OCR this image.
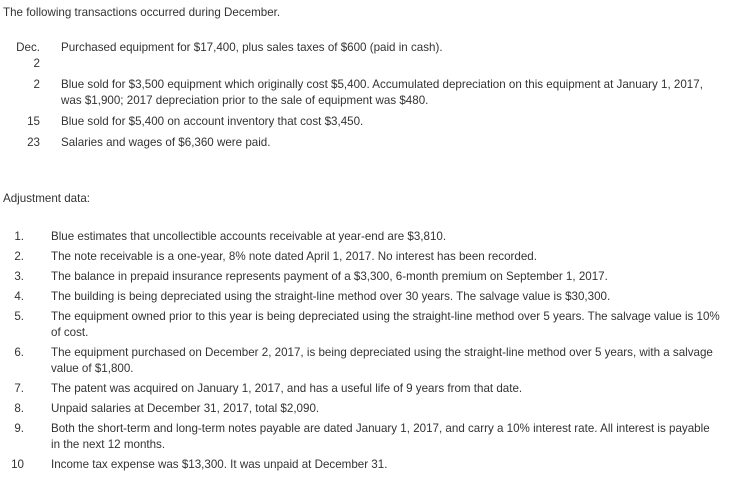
The following transactions occurred during December.
Dec.
2
Purchased equipment for $17,400, plus sales taxes of $600 (paid in cash).
2 Blue sold for $3,500 equipment which originally cost $5,400. Accumulated depreciation on this equipment at January 1, 2017, was $1,900; 2017 depreciation prior to the sale of equipment was $480.
15 Blue sold for $5,400 on account inventory that cost $3,450.
23 Salaries and wages of $6,360 were paid.
Adjustment data:
1. Blue estimates that uncollectible accounts receivable at year-end are $3,810.
2. The note receivable is a one-year, 8% note dated April 1, 2017. No interest has been recorded.
3. The balance in prepaid insurance represents payment of a $3,300, 6-month premium on September 1, 2017.
4. The building is being depreciated using the straight-line method over 30 years. The salvage value is $30,300.
5. The equipment owned prior to this year is being depreciated using the straight-line method over 5 years. The salvage value is 10% of cost.
6. The equipment purchased on December 2, 2017, is being depreciated using the straight-line method over 5 years, with a salvage value of $1,800.
7. The patent was acquired on January 1, 2017, and has a useful life of 9 years from that date.
8. Unpaid salaries at December 31, 2017, total $2,090.
9. Both the short-term and long-term notes payable are dated January 1, 2017, and carry a 10% interest rate. All interest is payable in the next 12 months.
10 Income tax expense was $13,300. It was unpaid at December 31.
